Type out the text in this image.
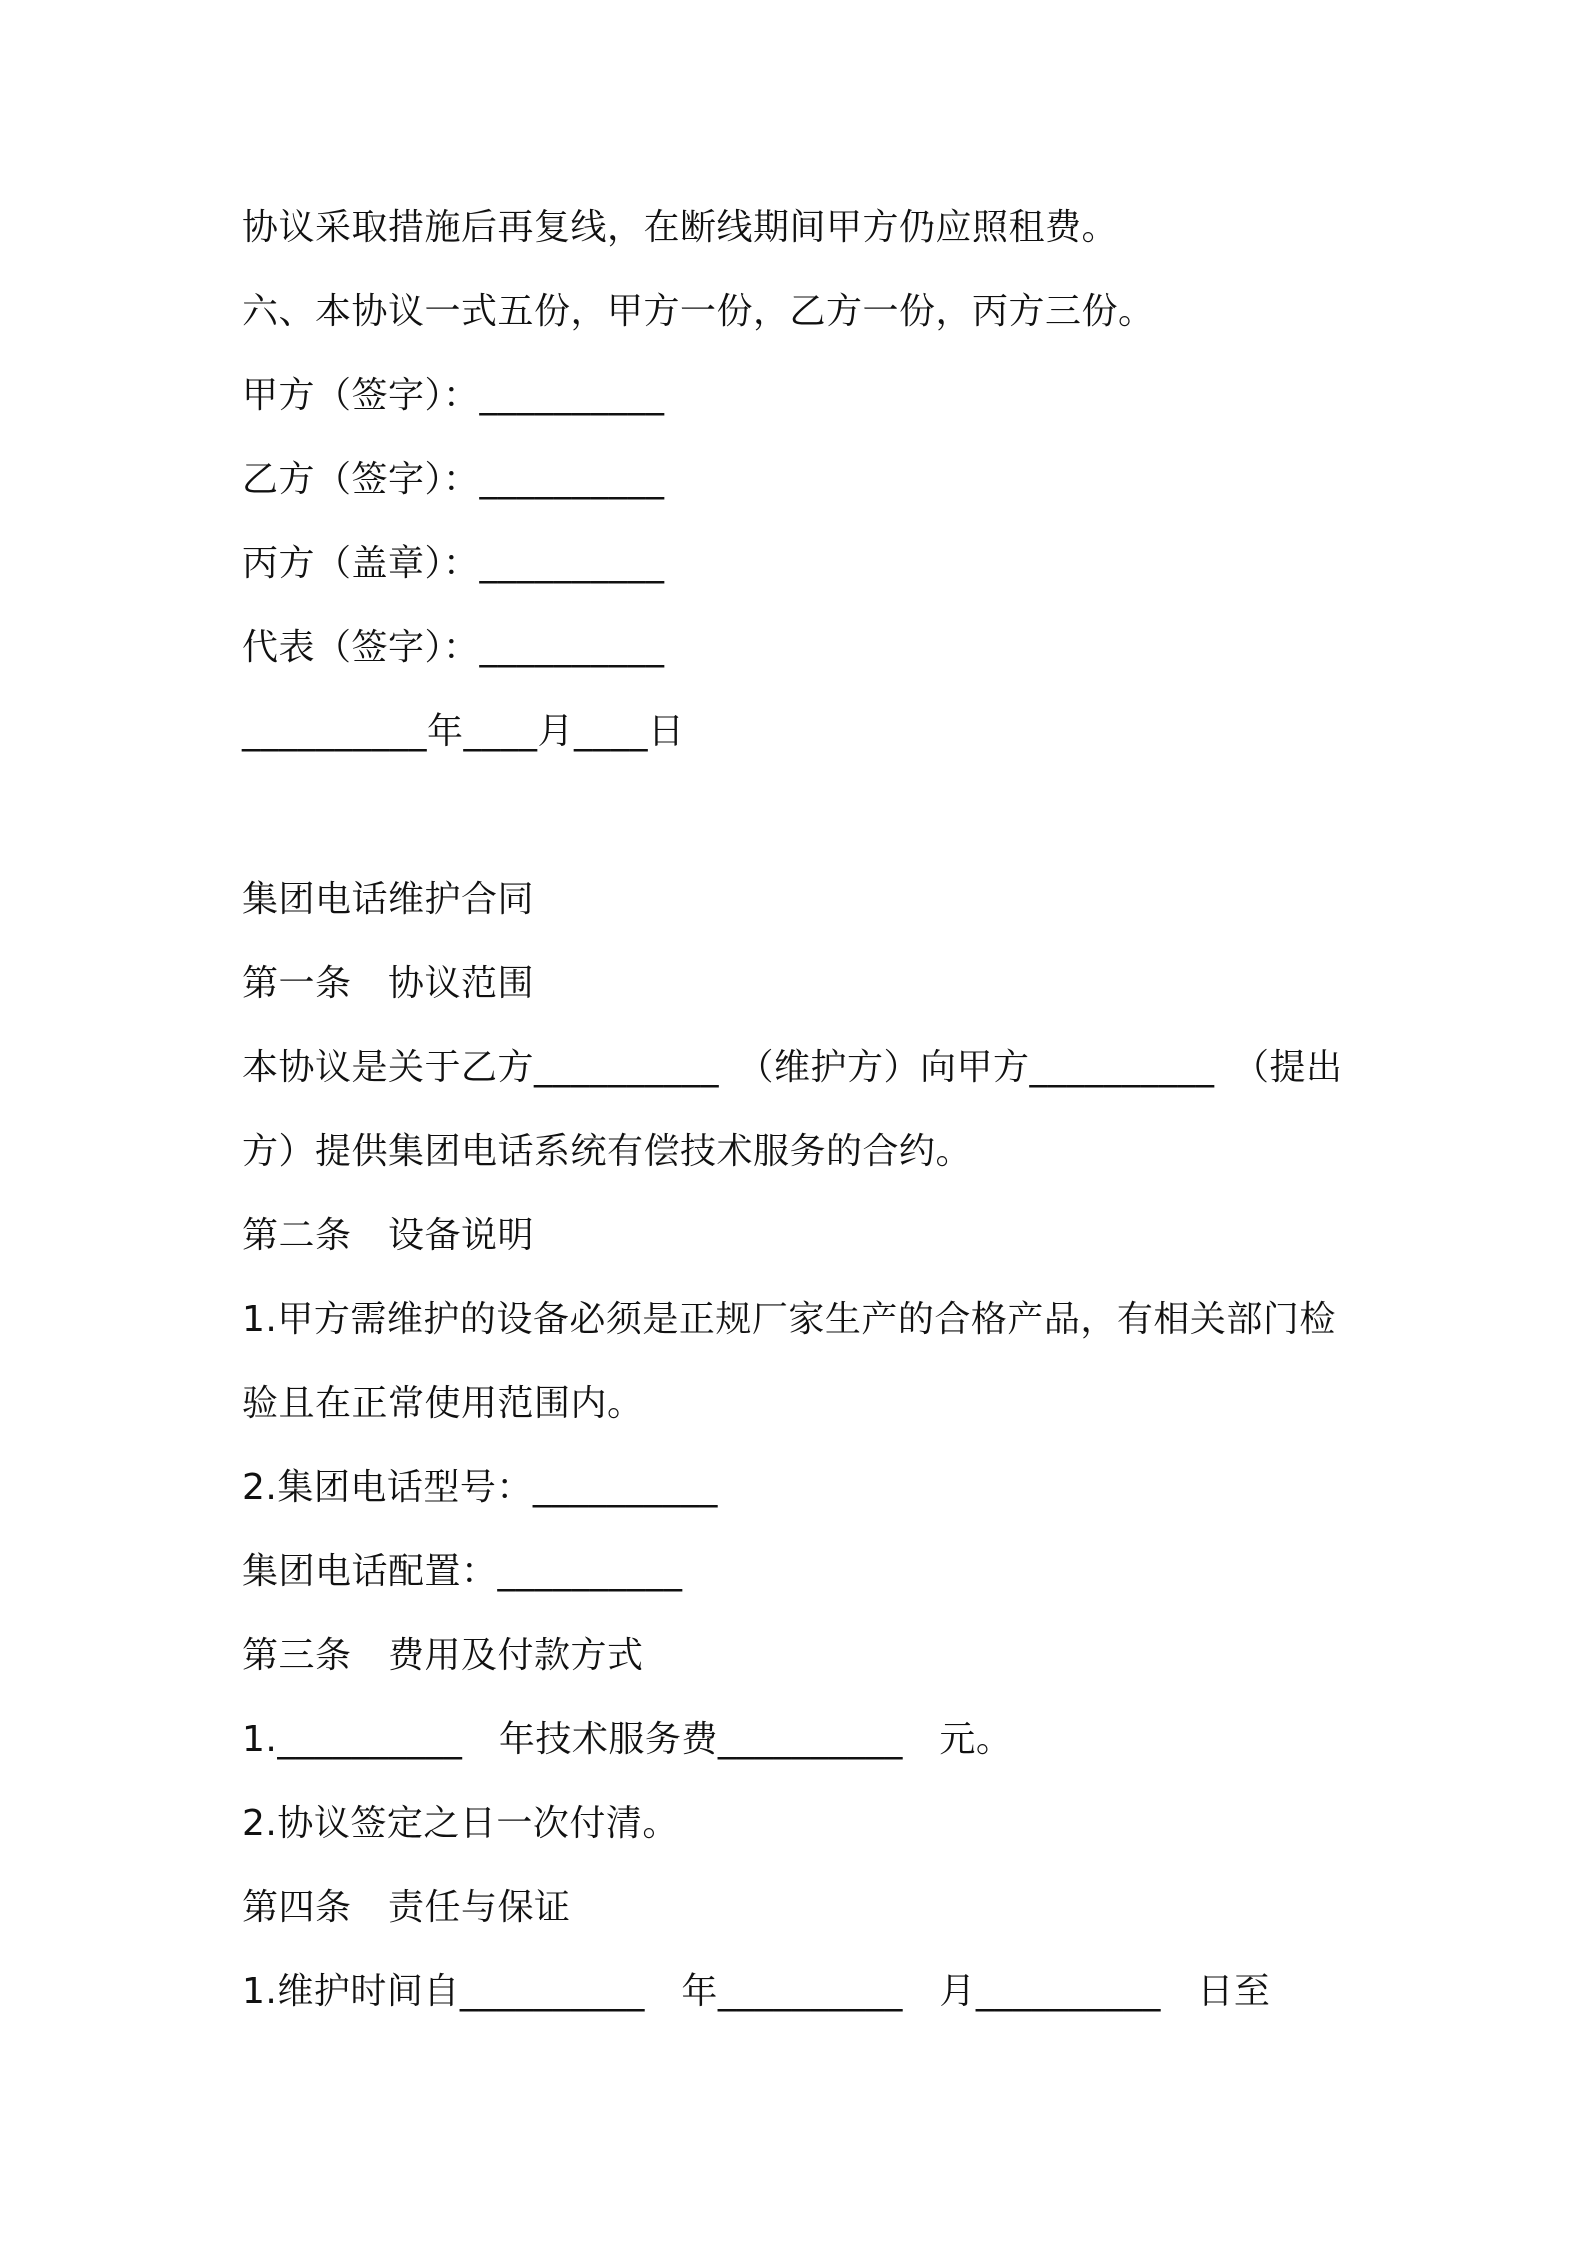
协议采取措施后再复线，在断线期间甲方仍应照租费。
六、本协议一式五份，甲方一份，乙方一份，丙方三份。
甲方（签字）：__________
乙方（签字）：__________
丙方（盖章）：__________
代表（签字）：__________
__________年____月____日
集团电话维护合同
第一条　协议范围
本协议是关于乙方__________　（维护方）向甲方__________　（提出
方）提供集团电话系统有偿技术服务的合约。
第二条　设备说明
1.甲方需维护的设备必须是正规厂家生产的合格产品，有相关部门检
验且在正常使用范围内。
2.集团电话型号：__________
集团电话配置：__________
第三条　费用及付款方式
1.__________　年技术服务费__________　元。
2.协议签定之日一次付清。
第四条　责任与保证
1.维护时间自__________　年__________　月__________　日至
